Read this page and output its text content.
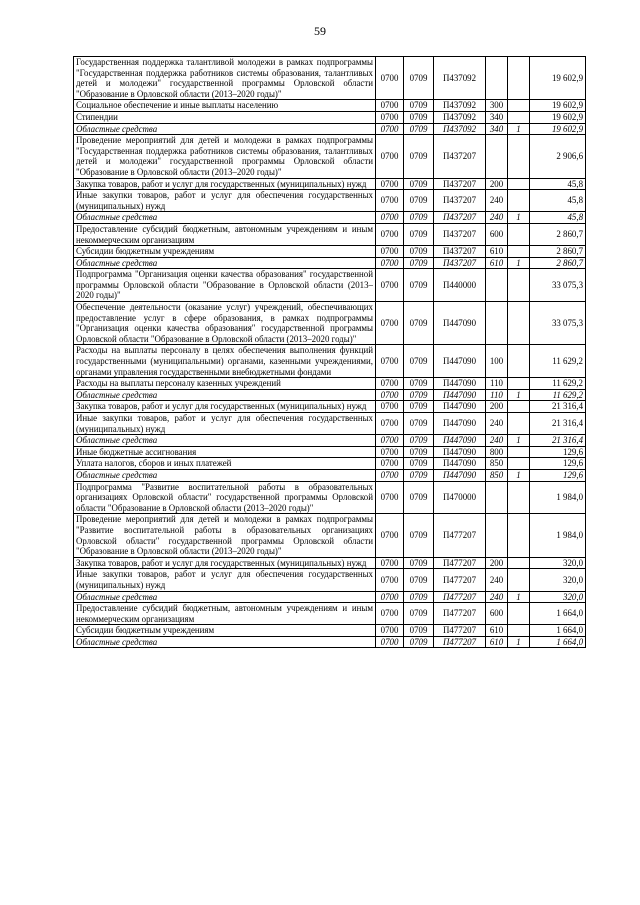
59
Государственная поддержка талантливой молодежи в рамках подпрограммы "Государственная поддержка работников системы образования, талантливых детей и молодежи" государственной программы Орловской области "Образование в Орловской области (2013–2020 годы)"	0700	0709	П437092			19 602,9
Социальное обеспечение и иные выплаты населению	0700	0709	П437092	300		19 602,9
Стипендии	0700	0709	П437092	340		19 602,9
Областные средства	0700	0709	П437092	340	1	19 602,9
Проведение мероприятий для детей и молодежи в рамках подпрограммы "Государственная поддержка работников системы образования, талантливых детей и молодежи" государственной программы Орловской области "Образование в Орловской области (2013–2020 годы)"	0700	0709	П437207			2 906,6
Закупка товаров, работ и услуг для государственных (муниципальных) нужд	0700	0709	П437207	200		45,8
Иные закупки товаров, работ и услуг для обеспечения государственных (муниципальных) нужд	0700	0709	П437207	240		45,8
Областные средства	0700	0709	П437207	240	1	45,8
Предоставление субсидий бюджетным, автономным учреждениям и иным некоммерческим организациям	0700	0709	П437207	600		2 860,7
Субсидии бюджетным учреждениям	0700	0709	П437207	610		2 860,7
Областные средства	0700	0709	П437207	610	1	2 860,7
Подпрограмма "Организация оценки качества образования" государственной программы Орловской области "Образование в Орловской области (2013–2020 годы)"	0700	0709	П440000			33 075,3
Обеспечение деятельности (оказание услуг) учреждений, обеспечивающих предоставление услуг в сфере образования, в рамках подпрограммы "Организация оценки качества образования" государственной программы Орловской области "Образование в Орловской области (2013–2020 годы)"	0700	0709	П447090			33 075,3
Расходы на выплаты персоналу в целях обеспечения выполнения функций государственными (муниципальными) органами, казенными учреждениями, органами управления государственными внебюджетными фондами	0700	0709	П447090	100		11 629,2
Расходы на выплаты персоналу казенных учреждений	0700	0709	П447090	110		11 629,2
Областные средства	0700	0709	П447090	110	1	11 629,2
Закупка товаров, работ и услуг для государственных (муниципальных) нужд	0700	0709	П447090	200		21 316,4
Иные закупки товаров, работ и услуг для обеспечения государственных (муниципальных) нужд	0700	0709	П447090	240		21 316,4
Областные средства	0700	0709	П447090	240	1	21 316,4
Иные бюджетные ассигнования	0700	0709	П447090	800		129,6
Уплата налогов, сборов и иных платежей	0700	0709	П447090	850		129,6
Областные средства	0700	0709	П447090	850	1	129,6
Подпрограмма "Развитие воспитательной работы в образовательных организациях Орловской области" государственной программы Орловской области "Образование в Орловской области (2013–2020 годы)"	0700	0709	П470000			1 984,0
Проведение мероприятий для детей и молодежи в рамках подпрограммы "Развитие воспитательной работы в образовательных организациях Орловской области" государственной программы Орловской области "Образование в Орловской области (2013–2020 годы)"	0700	0709	П477207			1 984,0
Закупка товаров, работ и услуг для государственных (муниципальных) нужд	0700	0709	П477207	200		320,0
Иные закупки товаров, работ и услуг для обеспечения государственных (муниципальных) нужд	0700	0709	П477207	240		320,0
Областные средства	0700	0709	П477207	240	1	320,0
Предоставление субсидий бюджетным, автономным учреждениям и иным некоммерческим организациям	0700	0709	П477207	600		1 664,0
Субсидии бюджетным учреждениям	0700	0709	П477207	610		1 664,0
Областные средства	0700	0709	П477207	610	1	1 664,0
